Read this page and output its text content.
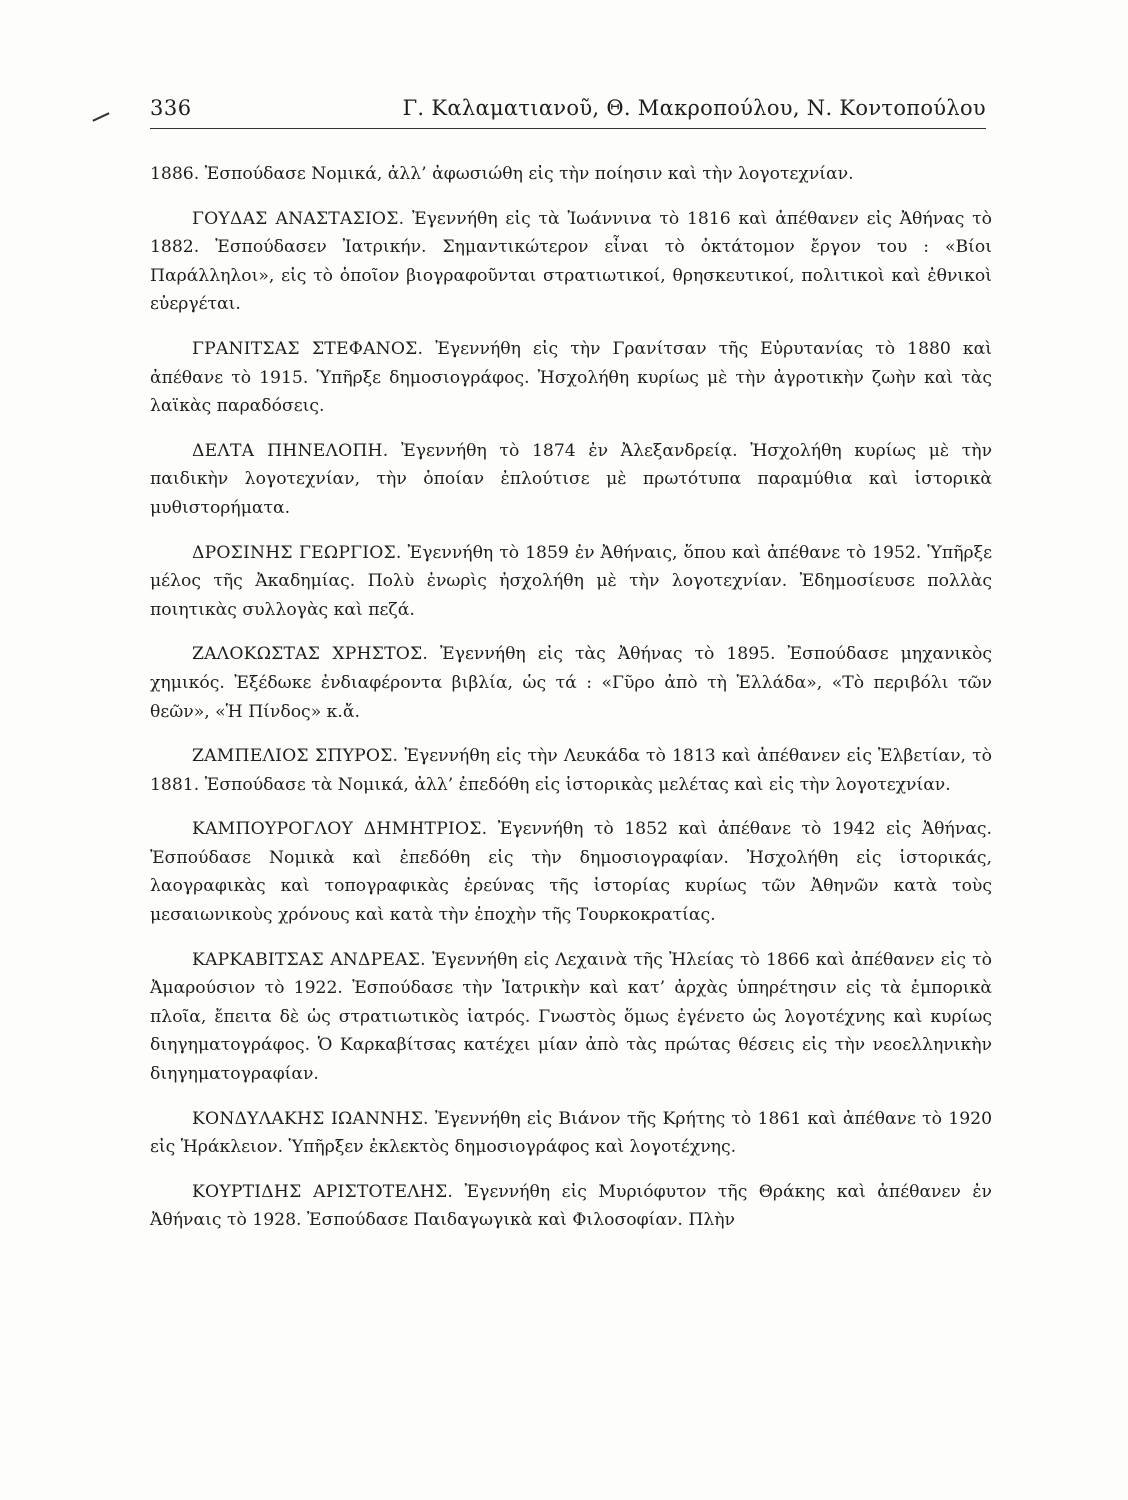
336	Γ. Καλαματιανοῦ, Θ. Μακροπούλου, Ν. Κοντοπούλου

1886. Ἐσπούδασε Νομικά, ἀλλ’ ἀφωσιώθη εἰς τὴν ποίησιν καὶ τὴν λογοτεχνίαν.

ΓΟΥΔΑΣ ΑΝΑΣΤΑΣΙΟΣ. Ἐγεννήθη εἰς τὰ Ἰωάννινα τὸ 1816 καὶ ἀπέθανεν εἰς Ἀθήνας τὸ 1882. Ἐσπούδασεν Ἰατρικήν. Σημαντικώτερον εἶναι τὸ ὀκτάτομον ἔργον του : «Βίοι Παράλληλοι», εἰς τὸ ὁποῖον βιογραφοῦνται στρατιωτικοί, θρησκευτικοί, πολιτικοὶ καὶ ἐθνικοὶ εὐεργέται.

ΓΡΑΝΙΤΣΑΣ ΣΤΕΦΑΝΟΣ. Ἐγεννήθη εἰς τὴν Γρανίτσαν τῆς Εὐρυτανίας τὸ 1880 καὶ ἀπέθανε τὸ 1915. Ὑπῆρξε δημοσιογράφος. Ἠσχολήθη κυρίως μὲ τὴν ἀγροτικὴν ζωὴν καὶ τὰς λαϊκὰς παραδόσεις.

ΔΕΛΤΑ ΠΗΝΕΛΟΠΗ. Ἐγεννήθη τὸ 1874 ἐν Ἀλεξανδρείᾳ. Ἠσχολήθη κυρίως μὲ τὴν παιδικὴν λογοτεχνίαν, τὴν ὁποίαν ἐπλούτισε μὲ πρωτότυπα παραμύθια καὶ ἱστορικὰ μυθιστορήματα.

ΔΡΟΣΙΝΗΣ ΓΕΩΡΓΙΟΣ. Ἐγεννήθη τὸ 1859 ἐν Ἀθήναις, ὅπου καὶ ἀπέθανε τὸ 1952. Ὑπῆρξε μέλος τῆς Ἀκαδημίας. Πολὺ ἐνωρὶς ἠσχολήθη μὲ τὴν λογοτεχνίαν. Ἐδημοσίευσε πολλὰς ποιητικὰς συλλογὰς καὶ πεζά.

ΖΑΛΟΚΩΣΤΑΣ ΧΡΗΣΤΟΣ. Ἐγεννήθη εἰς τὰς Ἀθήνας τὸ 1895. Ἐσπούδασε μηχανικὸς χημικός. Ἐξέδωκε ἐνδιαφέροντα βιβλία, ὡς τά : «Γῦρο ἀπὸ τὴ Ἑλλάδα», «Τὸ περιβόλι τῶν θεῶν», «Ἡ Πίνδος» κ.ἄ.

ΖΑΜΠΕΛΙΟΣ ΣΠΥΡΟΣ. Ἐγεννήθη εἰς τὴν Λευκάδα τὸ 1813 καὶ ἀπέθανεν εἰς Ἑλβετίαν, τὸ 1881. Ἐσπούδασε τὰ Νομικά, ἀλλ’ ἐπεδόθη εἰς ἱστορικὰς μελέτας καὶ εἰς τὴν λογοτεχνίαν.

ΚΑΜΠΟΥΡΟΓΛΟΥ ΔΗΜΗΤΡΙΟΣ. Ἐγεννήθη τὸ 1852 καὶ ἀπέθανε τὸ 1942 εἰς Ἀθήνας. Ἐσπούδασε Νομικὰ καὶ ἐπεδόθη εἰς τὴν δημοσιογραφίαν. Ἠσχολήθη εἰς ἱστορικάς, λαογραφικὰς καὶ τοπογραφικὰς ἐρεύνας τῆς ἱστορίας κυρίως τῶν Ἀθηνῶν κατὰ τοὺς μεσαιωνικοὺς χρόνους καὶ κατὰ τὴν ἐποχὴν τῆς Τουρκοκρατίας.

ΚΑΡΚΑΒΙΤΣΑΣ ΑΝΔΡΕΑΣ. Ἐγεννήθη εἰς Λεχαινὰ τῆς Ἠλείας τὸ 1866 καὶ ἀπέθανεν εἰς τὸ Ἀμαρούσιον τὸ 1922. Ἐσπούδασε τὴν Ἰατρικὴν καὶ κατ’ ἀρχὰς ὑπηρέτησιν εἰς τὰ ἐμπορικὰ πλοῖα, ἔπειτα δὲ ὡς στρατιωτικὸς ἰατρός. Γνωστὸς ὅμως ἐγένετο ὡς λογοτέχνης καὶ κυρίως διηγηματογράφος. Ὁ Καρκαβίτσας κατέχει μίαν ἀπὸ τὰς πρώτας θέσεις εἰς τὴν νεοελληνικὴν διηγηματογραφίαν.

ΚΟΝΔΥΛΑΚΗΣ ΙΩΑΝΝΗΣ. Ἐγεννήθη εἰς Βιάνον τῆς Κρήτης τὸ 1861 καὶ ἀπέθανε τὸ 1920 εἰς Ἡράκλειον. Ὑπῆρξεν ἐκλεκτὸς δημοσιογράφος καὶ λογοτέχνης.

ΚΟΥΡΤΙΔΗΣ ΑΡΙΣΤΟΤΕΛΗΣ. Ἐγεννήθη εἰς Μυριόφυτον τῆς Θράκης καὶ ἀπέθανεν ἐν Ἀθήναις τὸ 1928. Ἐσπούδασε Παιδαγωγικὰ καὶ Φιλοσοφίαν. Πλὴν
